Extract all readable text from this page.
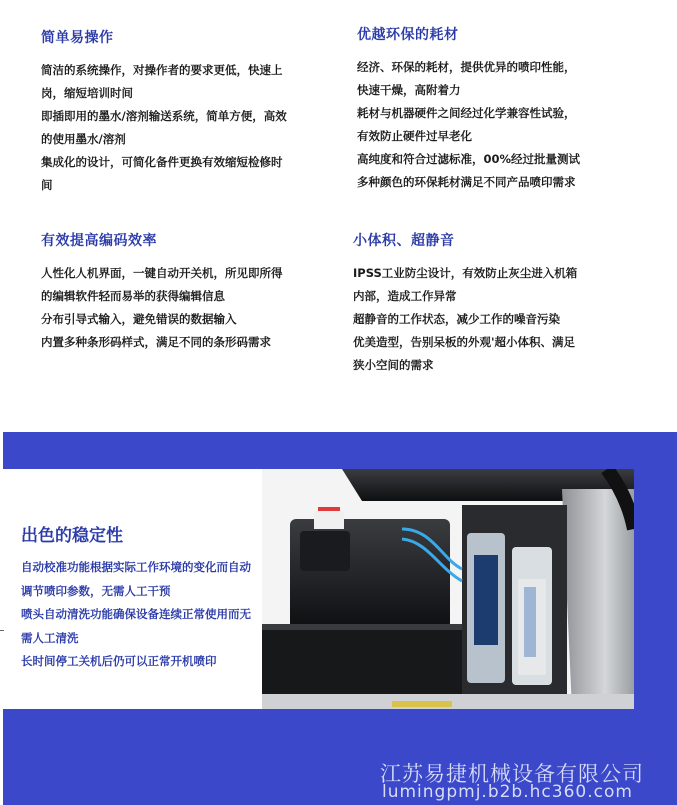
简单易操作

简洁的系统操作，对操作者的要求更低，快速上

岗，缩短培训时间

即插即用的墨水/溶剂输送系统，简单方便，高效

的使用墨水/溶剂

集成化的设计，可简化备件更换有效缩短检修时

间

优越环保的耗材

经济、环保的耗材，提供优异的喷印性能，

快速干燥，高附着力

耗材与机器硬件之间经过化学兼容性试验，

有效防止硬件过早老化

高纯度和符合过滤标准，00%经过批量测试

多种颜色的环保耗材满足不同产品喷印需求

有效提高编码效率

人性化人机界面，一键自动开关机，所见即所得

的编辑软件轻而易举的获得编辑信息

分布引导式输入，避免错误的数据输入

内置多种条形码样式，满足不同的条形码需求

小体积、超静音

IPSS工业防尘设计，有效防止灰尘进入机箱

内部，造成工作异常

超静音的工作状态，减少工作的噪音污染

优美造型，告别呆板的外观'超小体积、满足

狭小空间的需求

出色的稳定性

自动校准功能根据实际工作环境的变化而自动

调节喷印参数，无需人工干预

喷头自动清洗功能确保设备连续正常使用而无

需人工清洗

长时间停工关机后仍可以正常开机喷印

江苏易捷机械设备有限公司
lumingpmj.b2b.hc360.com
